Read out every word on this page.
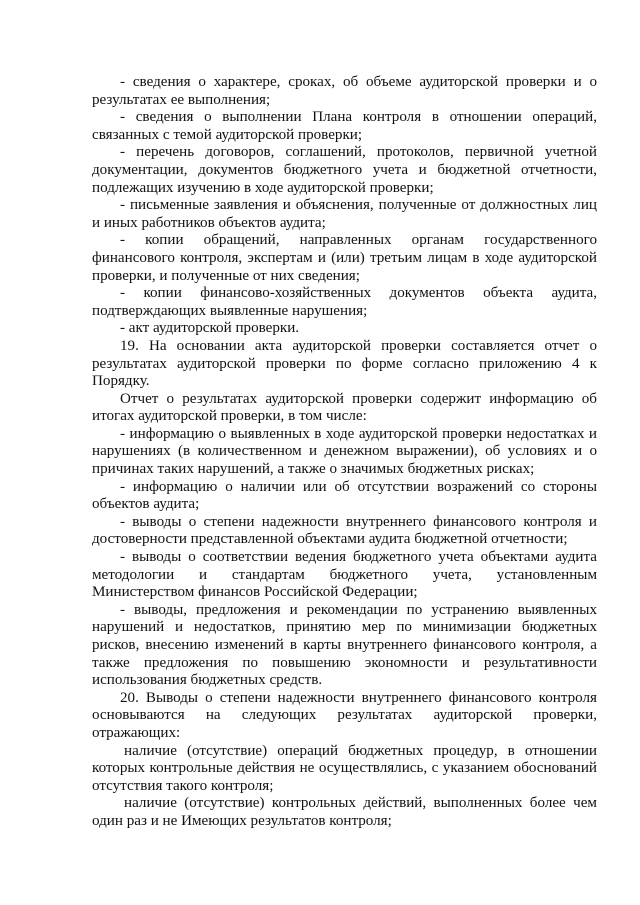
- сведения о характере, сроках, об объеме аудиторской проверки и о результатах ее выполнения;

- сведения о выполнении Плана контроля в отношении операций, связанных с темой аудиторской проверки;

- перечень договоров, соглашений, протоколов, первичной учетной документации, документов бюджетного учета и бюджетной отчетности, подлежащих изучению в ходе аудиторской проверки;

- письменные заявления и объяснения, полученные от должностных лиц и иных работников объектов аудита;

- копии обращений, направленных органам государственного финансового контроля, экспертам и (или) третьим лицам в ходе аудиторской проверки, и полученные от них сведения;

- копии финансово-хозяйственных документов объекта аудита, подтверждающих выявленные нарушения;

- акт аудиторской проверки.

19. На основании акта аудиторской проверки составляется отчет о результатах аудиторской проверки по форме согласно приложению 4 к Порядку.

Отчет о результатах аудиторской проверки содержит информацию об итогах аудиторской проверки, в том числе:

- информацию о выявленных в ходе аудиторской проверки недостатках и нарушениях (в количественном и денежном выражении), об условиях и о причинах таких нарушений, а также о значимых бюджетных рисках;

- информацию о наличии или об отсутствии возражений со стороны объектов аудита;

- выводы о степени надежности внутреннего финансового контроля и достоверности представленной объектами аудита бюджетной отчетности;

- выводы о соответствии ведения бюджетного учета объектами аудита методологии и стандартам бюджетного учета, установленным Министерством финансов Российской Федерации;

- выводы, предложения и рекомендации по устранению выявленных нарушений и недостатков, принятию мер по минимизации бюджетных рисков, внесению изменений в карты внутреннего финансового контроля, а также предложения по повышению экономности и результативности использования бюджетных средств.

20. Выводы о степени надежности внутреннего финансового контроля основываются на следующих результатах аудиторской проверки, отражающих:

наличие (отсутствие) операций бюджетных процедур, в отношении которых контрольные действия не осуществлялись, с указанием обоснований отсутствия такого контроля;

наличие (отсутствие) контрольных действий, выполненных более чем один раз и не Имеющих результатов контроля;
